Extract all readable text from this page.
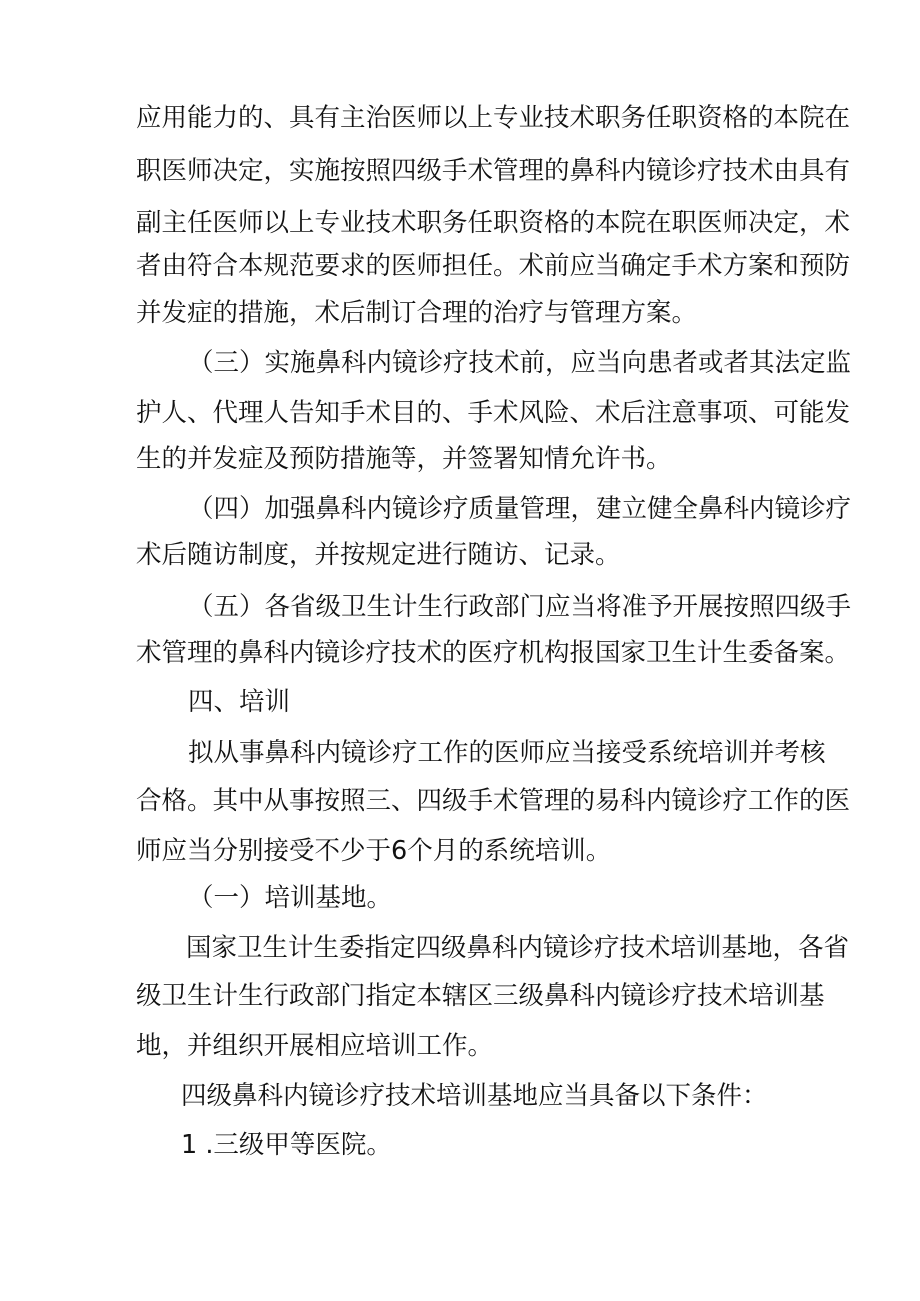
应用能力的、具有主治医师以上专业技术职务任职资格的本院在
职医师决定，实施按照四级手术管理的鼻科内镜诊疗技术由具有
副主任医师以上专业技术职务任职资格的本院在职医师决定，术
者由符合本规范要求的医师担任。术前应当确定手术方案和预防
并发症的措施，术后制订合理的治疗与管理方案。
（三）实施鼻科内镜诊疗技术前，应当向患者或者其法定监
护人、代理人告知手术目的、手术风险、术后注意事项、可能发
生的并发症及预防措施等，并签署知情允许书。
（四）加强鼻科内镜诊疗质量管理，建立健全鼻科内镜诊疗
术后随访制度，并按规定进行随访、记录。
（五）各省级卫生计生行政部门应当将准予开展按照四级手
术管理的鼻科内镜诊疗技术的医疗机构报国家卫生计生委备案。
四、培训
拟从事鼻科内镜诊疗工作的医师应当接受系统培训并考核
合格。其中从事按照三、四级手术管理的易科内镜诊疗工作的医
师应当分别接受不少于6个月的系统培训。
（一）培训基地。
国家卫生计生委指定四级鼻科内镜诊疗技术培训基地，各省
级卫生计生行政部门指定本辖区三级鼻科内镜诊疗技术培训基
地，并组织开展相应培训工作。
四级鼻科内镜诊疗技术培训基地应当具备以下条件：
1 .三级甲等医院。
